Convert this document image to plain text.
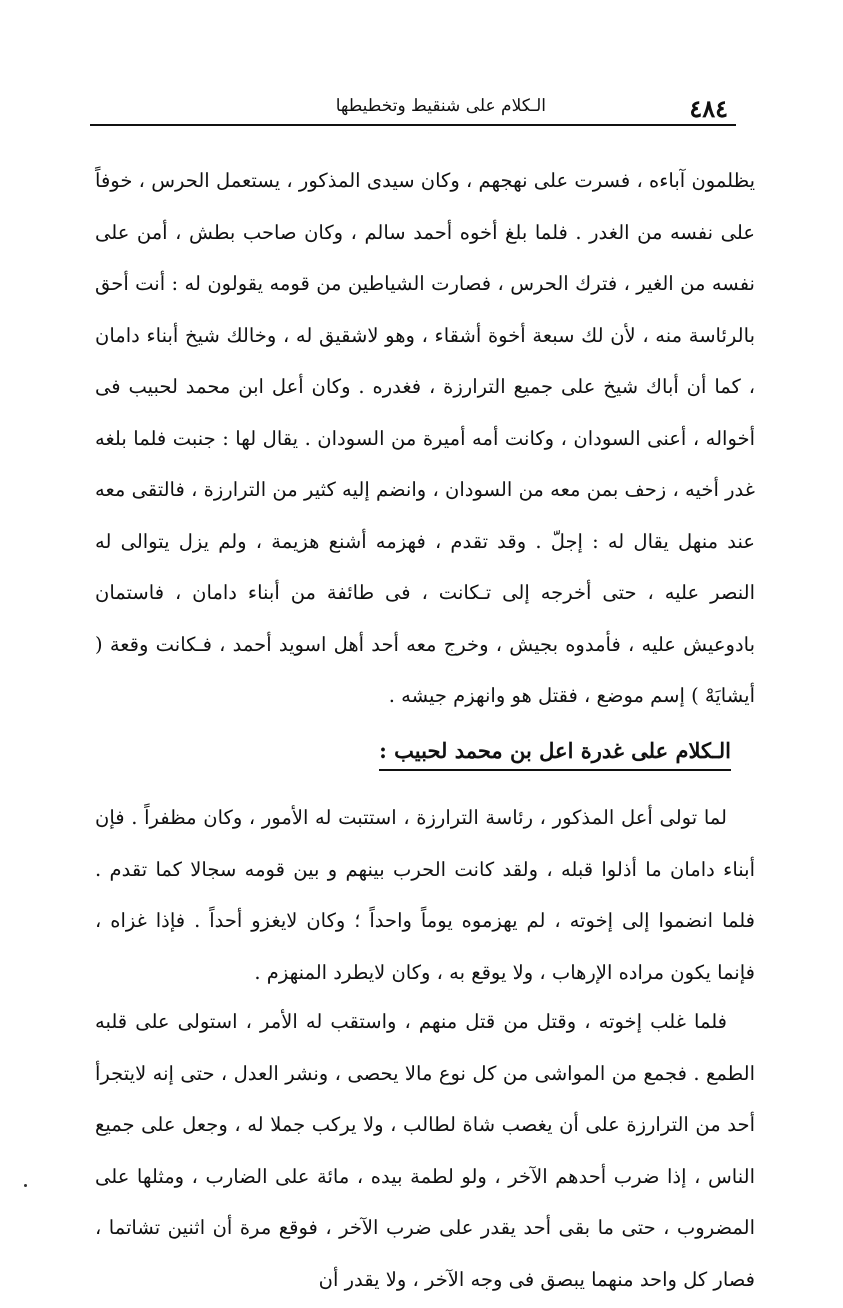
٤٨٤
الـكلام على شنقيط وتخطيطها
يظلمون آباءه ، فسرت على نهجهم ، وكان سيدى المذكور ، يستعمل الحرس ، خوفاً على نفسه من الغدر . فلما بلغ أخوه أحمد سالم ، وكان صاحب بطش ، أمن على نفسه من الغير ، فترك الحرس ، فصارت الشياطين من قومه يقولون له : أنت أحق بالرئاسة منه ، لأن لك سبعة أخوة أشقاء ، وهو لاشقيق له ، وخالك شيخ أبناء دامان ، كما أن أباك شيخ على جميع الترارزة ، فغدره . وكان أعل ابن محمد لحبيب فى أخواله ، أعنى السودان ، وكانت أمه أميرة من السودان . يقال لها : جنبت فلما بلغه غدر أخيه ، زحف بمن معه من السودان ، وانضم إليه كثير من الترارزة ، فالتقى معه عند منهل يقال له : إجلّ . وقد تقدم ، فهزمه أشنع هزيمة ، ولم يزل يتوالى له النصر عليه ، حتى أخرجه إلى تـكانت ، فى طائفة من أبناء دامان ، فاستمان بادوعيش عليه ، فأمدوه بجيش ، وخرج معه أحد أهل اسويد أحمد ، فـكانت وقعة ( أيشايَهْ ) إسم موضع ، فقتل هو وانهزم جيشه .
الـكلام على غدرة اعل بن محمد لحبيب :
لما تولى أعل المذكور ، رئاسة الترارزة ، استتبت له الأمور ، وكان مظفراً . فإن أبناء دامان ما أذلوا قبله ، ولقد كانت الحرب بينهم و بين قومه سجالا كما تقدم . فلما انضموا إلى إخوته ، لم يهزموه يوماً واحداً ؛ وكان لايغزو أحداً . فإذا غزاه ، فإنما يكون مراده الإرهاب ، ولا يوقع به ، وكان لايطرد المنهزم .
فلما غلب إخوته ، وقتل من قتل منهم ، واستقب له الأمر ، استولى على قلبه الطمع . فجمع من المواشى من كل نوع مالا يحصى ، ونشر العدل ، حتى إنه لايتجرأ أحد من الترارزة على أن يغصب شاة لطالب ، ولا يركب جملا له ، وجعل على جميع الناس ، إذا ضرب أحدهم الآخر ، ولو لطمة بيده ، مائة على الضارب ، ومثلها على المضروب ، حتى ما بقى أحد يقدر على ضرب الآخر ، فوقع مرة أن اثنين تشاتما ، فصار كل واحد منهما يبصق فى وجه الآخر ، ولا يقدر أن
